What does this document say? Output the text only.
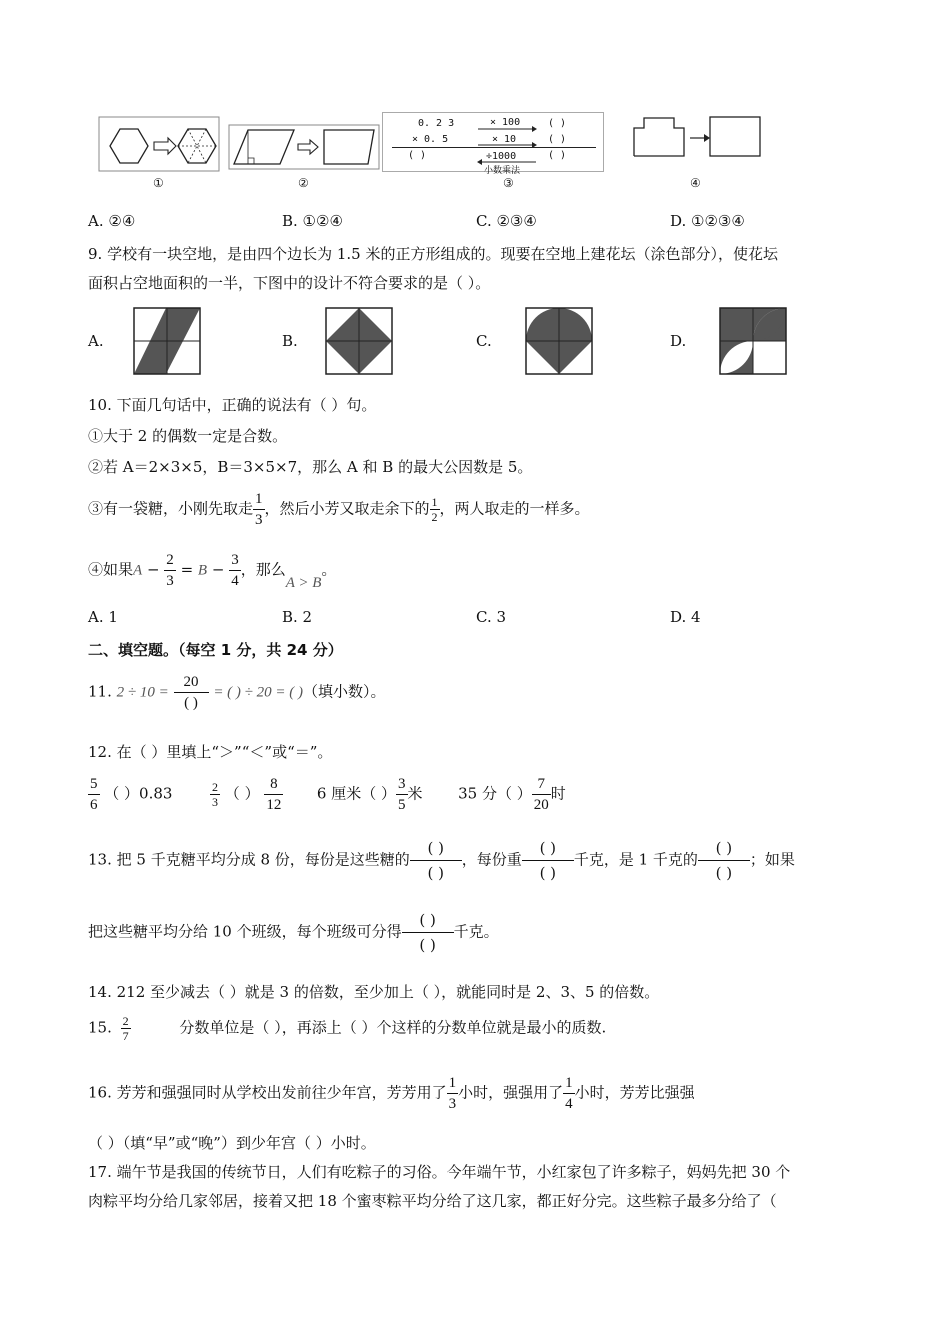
0. 2 3
× 0. 5
( )
× 100
× 10
÷1000
( )
( )
( )
小数乘法
①	②	③	④
A. ②④	B. ①②④	C. ②③④	D. ①②③④
9. 学校有一块空地，是由四个边长为 1.5 米的正方形组成的。现要在空地上建花坛（涂色部分），使花坛
面积占空地面积的一半，下图中的设计不符合要求的是（ ）。
A.	B.	C.	D.
10. 下面几句话中，正确的说法有（ ）句。
①大于 2 的偶数一定是合数。
②若 A＝2×3×5，B＝3×5×7，那么 A 和 B 的最大公因数是 5。
③有一袋糖，小刚先取走 $\frac{1}{3}$ ，然后小芳又取走余下的 $\frac{1}{2}$ ，两人取走的一样多。
④如果$A - \frac{2}{3} = B - \frac{3}{4}$ ，那么A > B。
A. 1	B. 2	C. 3	D. 4
二、填空题。（每空 1 分，共 24 分）
11. $2 \div 10 = \frac{20}{( )}$ = ( ) ÷ 20 = ( )（填小数）。
12. 在（ ）里填上“＞”“＜”或“＝”。
$\frac{5}{6}$ （ ）0.83	$\frac{2}{3}$ （ ） $\frac{8}{12} 6$ 厘米（ ） $\frac{3}{5}$ 米 35 分（ ） $\frac{7}{20}$ 时
13. 把 5 千克糖平均分成 8 份，每份是这些糖的
( )
( )
，每份重
( )
( )
千克，是 1 千克的
( )
( )
；如果
把这些糖平均分给 10 个班级，每个班级可分得
( )
( )
千克。
14. 212 至少减去（ ）就是 3 的倍数，至少加上（ ），就能同时是 2、3、5 的倍数。
15. $\frac{2}{7}$	分数单位是（ ），再添上（ ）个这样的分数单位就是最小的质数.
16. 芳芳和强强同时从学校出发前往少年宫，芳芳用了 $\frac{1}{3}$ 小时，强强用了 $\frac{1}{4}$ 小时，芳芳比强强
（ ）（填“早”或“晚”）到少年宫（ ）小时。
17. 端午节是我国的传统节日，人们有吃粽子的习俗。今年端午节，小红家包了许多粽子，妈妈先把 30 个
肉粽平均分给几家邻居，接着又把 18 个蜜枣粽平均分给了这几家，都正好分完。这些粽子最多分给了（
